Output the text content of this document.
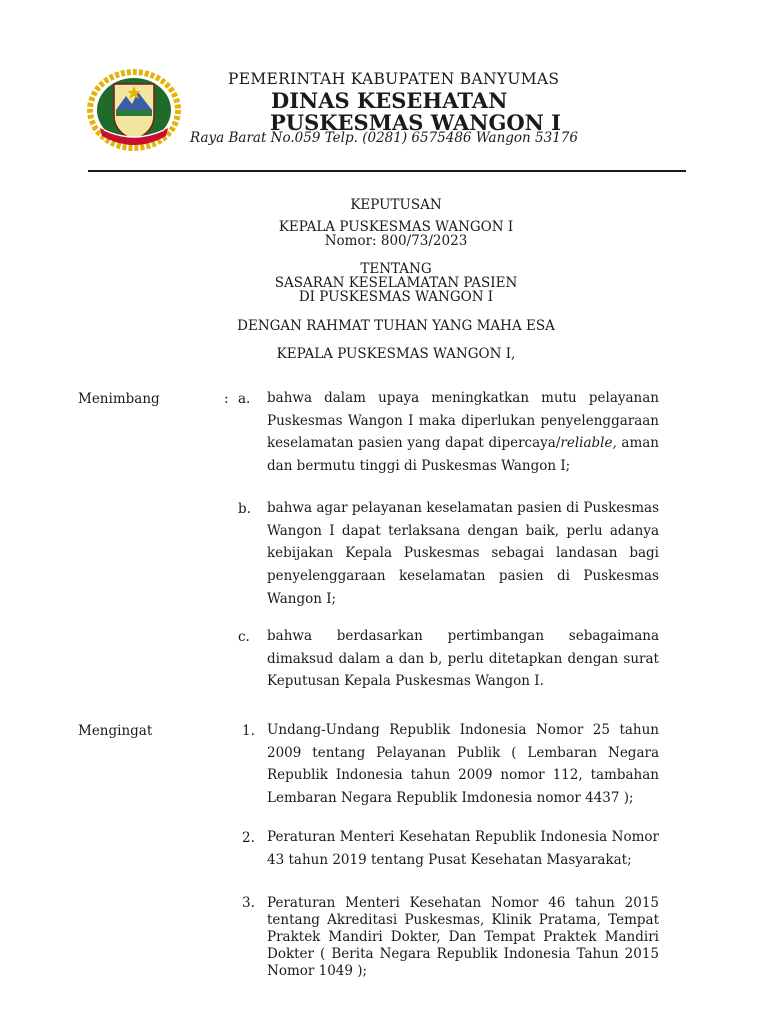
PEMERINTAH KABUPATEN BANYUMAS
DINAS KESEHATAN
PUSKESMAS WANGON I
Raya Barat No.059 Telp. (0281) 6575486 Wangon 53176
KEPUTUSAN
KEPALA PUSKESMAS WANGON I
Nomor: 800/73/2023
TENTANG
SASARAN KESELAMATAN PASIEN
DI PUSKESMAS WANGON I
DENGAN RAHMAT TUHAN YANG MAHA ESA
KEPALA PUSKESMAS WANGON I,
Menimbang	: a. bahwa dalam upaya meningkatkan mutu pelayanan Puskesmas Wangon I maka diperlukan penyelenggaraan keselamatan pasien yang dapat dipercaya/reliable, aman dan bermutu tinggi di Puskesmas Wangon I;
b. bahwa agar pelayanan keselamatan pasien di Puskesmas Wangon I dapat terlaksana dengan baik, perlu adanya kebijakan Kepala Puskesmas sebagai landasan bagi penyelenggaraan keselamatan pasien di Puskesmas Wangon I;
c. bahwa berdasarkan pertimbangan sebagaimana dimaksud dalam a dan b, perlu ditetapkan dengan surat Keputusan Kepala Puskesmas Wangon I.
Mengingat	1. Undang-Undang Republik Indonesia Nomor 25 tahun 2009 tentang Pelayanan Publik ( Lembaran Negara Republik Indonesia tahun 2009 nomor 112, tambahan Lembaran Negara Republik Imdonesia nomor 4437 );
2. Peraturan Menteri Kesehatan Republik Indonesia Nomor 43 tahun 2019 tentang Pusat Kesehatan Masyarakat;
3. Peraturan Menteri Kesehatan Nomor 46 tahun 2015 tentang Akreditasi Puskesmas, Klinik Pratama, Tempat Praktek Mandiri Dokter, Dan Tempat Praktek Mandiri Dokter ( Berita Negara Republik Indonesia Tahun 2015 Nomor 1049 );
